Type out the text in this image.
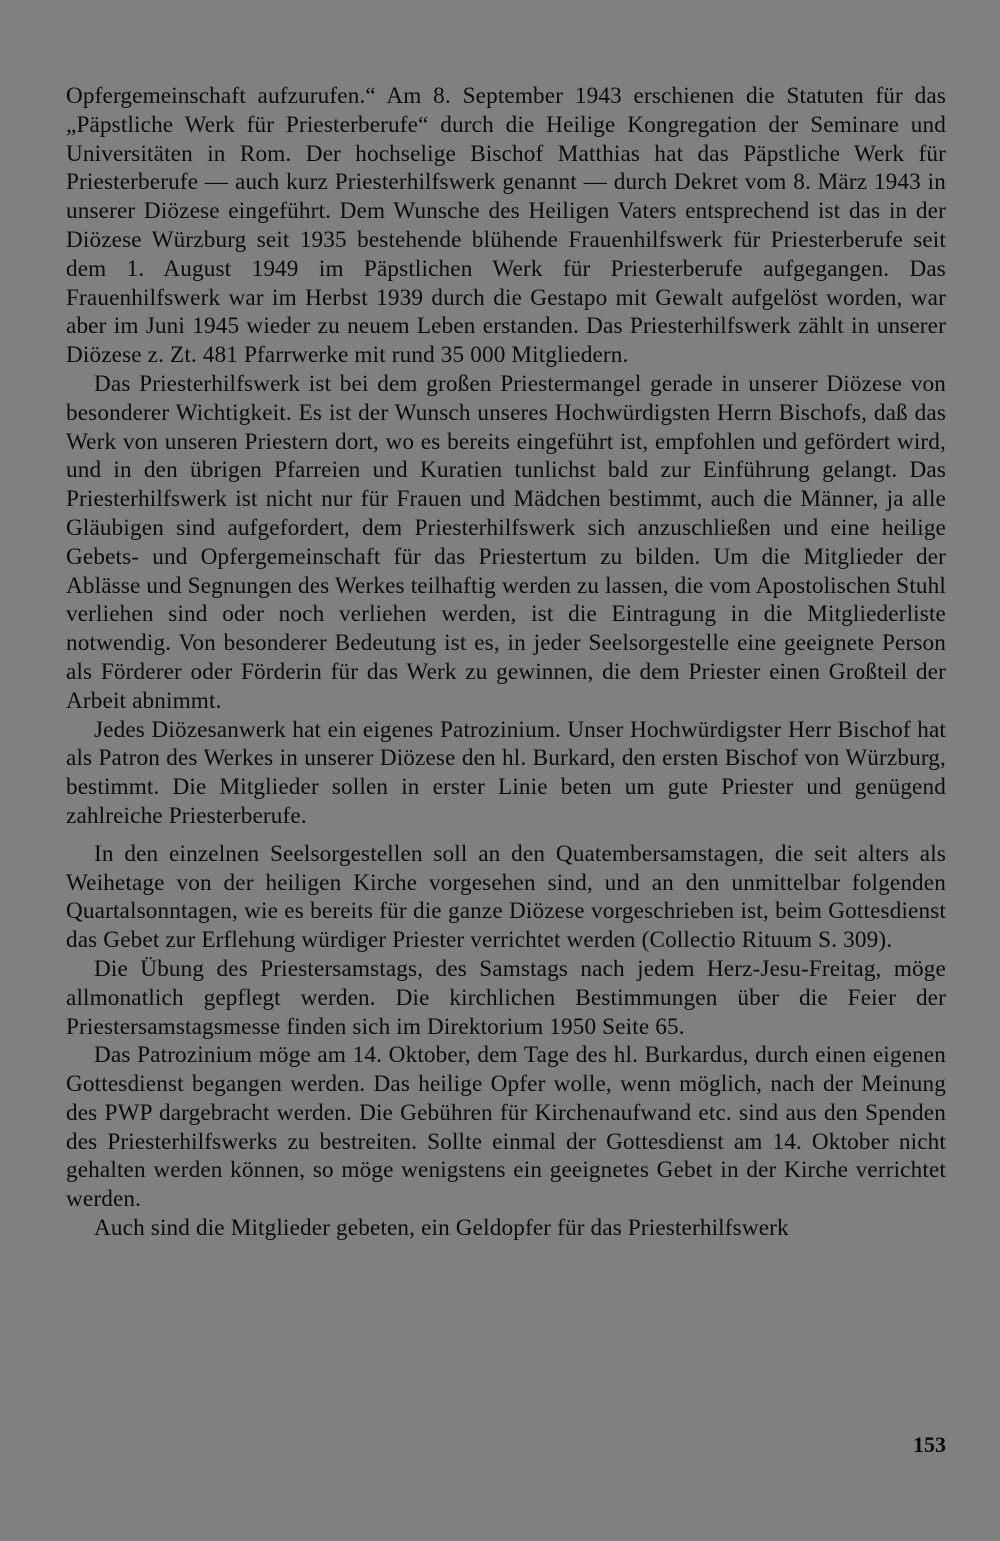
Opfergemeinschaft aufzurufen.“ Am 8. September 1943 erschienen die Statuten für das „Päpstliche Werk für Priesterberufe“ durch die Heilige Kongregation der Seminare und Universitäten in Rom. Der hochselige Bischof Matthias hat das Päpstliche Werk für Priesterberufe — auch kurz Priesterhilfswerk genannt — durch Dekret vom 8. März 1943 in unserer Diözese eingeführt. Dem Wunsche des Heiligen Vaters entsprechend ist das in der Diözese Würzburg seit 1935 bestehende blühende Frauenhilfswerk für Priesterberufe seit dem 1. August 1949 im Päpstlichen Werk für Priesterberufe aufgegangen. Das Frauenhilfswerk war im Herbst 1939 durch die Gestapo mit Gewalt aufgelöst worden, war aber im Juni 1945 wieder zu neuem Leben erstanden. Das Priesterhilfswerk zählt in unserer Diözese z. Zt. 481 Pfarrwerke mit rund 35 000 Mitgliedern.

Das Priesterhilfswerk ist bei dem großen Priestermangel gerade in unserer Diözese von besonderer Wichtigkeit. Es ist der Wunsch unseres Hochwürdigsten Herrn Bischofs, daß das Werk von unseren Priestern dort, wo es bereits eingeführt ist, empfohlen und gefördert wird, und in den übrigen Pfarreien und Kuratien tunlichst bald zur Einführung gelangt. Das Priesterhilfswerk ist nicht nur für Frauen und Mädchen bestimmt, auch die Männer, ja alle Gläubigen sind aufgefordert, dem Priesterhilfswerk sich anzuschließen und eine heilige Gebets- und Opfergemeinschaft für das Priestertum zu bilden. Um die Mitglieder der Ablässe und Segnungen des Werkes teilhaftig werden zu lassen, die vom Apostolischen Stuhl verliehen sind oder noch verliehen werden, ist die Eintragung in die Mitgliederliste notwendig. Von besonderer Bedeutung ist es, in jeder Seelsorgestelle eine geeignete Person als Förderer oder Förderin für das Werk zu gewinnen, die dem Priester einen Großteil der Arbeit abnimmt.

Jedes Diözesanwerk hat ein eigenes Patrozinium. Unser Hochwürdigster Herr Bischof hat als Patron des Werkes in unserer Diözese den hl. Burkard, den ersten Bischof von Würzburg, bestimmt. Die Mitglieder sollen in erster Linie beten um gute Priester und genügend zahlreiche Priesterberufe.

In den einzelnen Seelsorgestellen soll an den Quatembersamstagen, die seit alters als Weihetage von der heiligen Kirche vorgesehen sind, und an den unmittelbar folgenden Quartalsonntagen, wie es bereits für die ganze Diözese vorgeschrieben ist, beim Gottesdienst das Gebet zur Erflehung würdiger Priester verrichtet werden (Collectio Rituum S. 309).

Die Übung des Priestersamstags, des Samstags nach jedem Herz-Jesu-Freitag, möge allmonatlich gepflegt werden. Die kirchlichen Bestimmungen über die Feier der Priestersamstagsmesse finden sich im Direktorium 1950 Seite 65.

Das Patrozinium möge am 14. Oktober, dem Tage des hl. Burkardus, durch einen eigenen Gottesdienst begangen werden. Das heilige Opfer wolle, wenn möglich, nach der Meinung des PWP dargebracht werden. Die Gebühren für Kirchenaufwand etc. sind aus den Spenden des Priesterhilfswerks zu bestreiten. Sollte einmal der Gottesdienst am 14. Oktober nicht gehalten werden können, so möge wenigstens ein geeignetes Gebet in der Kirche verrichtet werden.

Auch sind die Mitglieder gebeten, ein Geldopfer für das Priesterhilfswerk

153
